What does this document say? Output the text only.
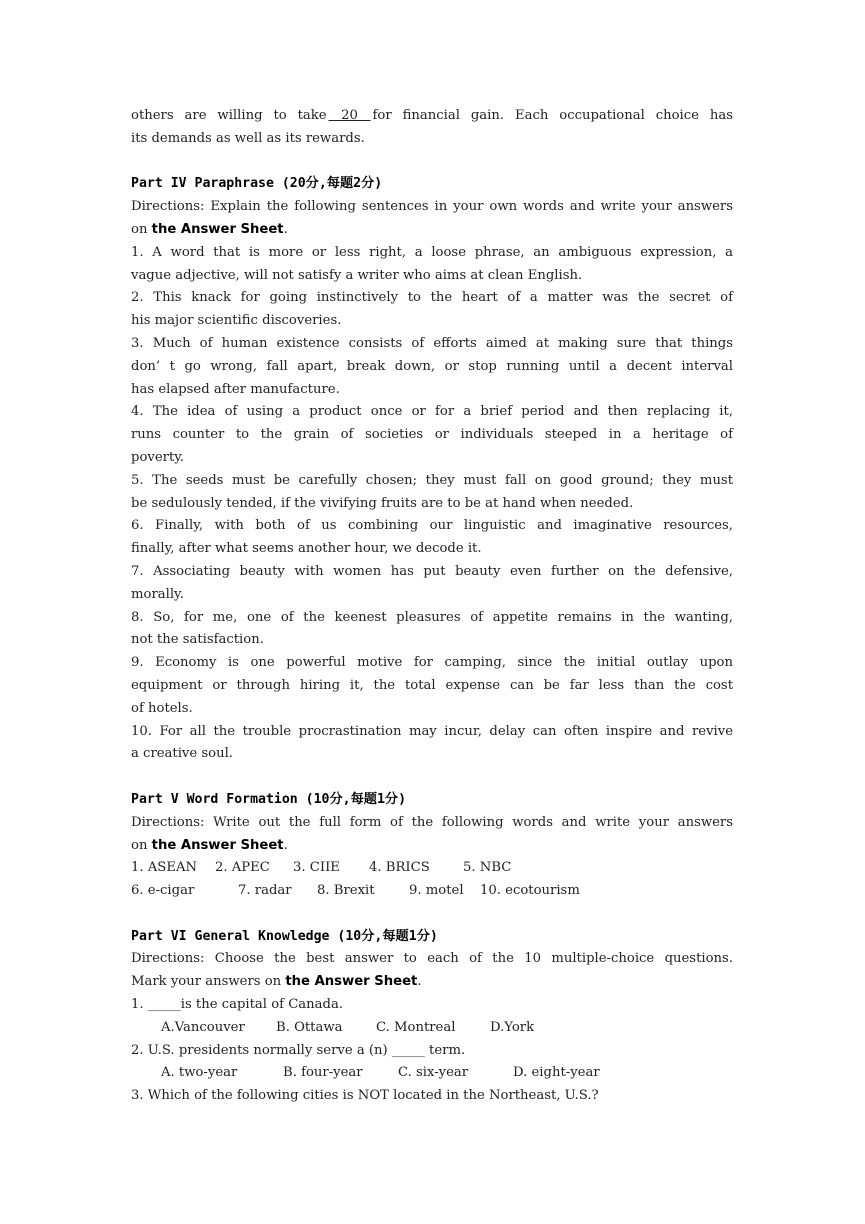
others are willing to take   20   for financial gain. Each occupational choice has
its demands as well as its rewards.
Part IV Paraphrase (20分,每题2分)
Directions: Explain the following sentences in your own words and write your answers
on the Answer Sheet.
1. A word that is more or less right, a loose phrase, an ambiguous expression, a
vague adjective, will not satisfy a writer who aims at clean English.
2. This knack for going instinctively to the heart of a matter was the secret of
his major scientific discoveries.
3. Much of human existence consists of efforts aimed at making sure that things
don’ t go wrong, fall apart, break down, or stop running until a decent interval
has elapsed after manufacture.
4. The idea of using a product once or for a brief period and then replacing it,
runs counter to the grain of societies or individuals steeped in a heritage of
poverty.
5. The seeds must be carefully chosen; they must fall on good ground; they must
be sedulously tended, if the vivifying fruits are to be at hand when needed.
6. Finally, with both of us combining our linguistic and imaginative resources,
finally, after what seems another hour, we decode it.
7. Associating beauty with women has put beauty even further on the defensive,
morally.
8. So, for me, one of the keenest pleasures of appetite remains in the wanting,
not the satisfaction.
9. Economy is one powerful motive for camping, since the initial outlay upon
equipment or through hiring it, the total expense can be far less than the cost
of hotels.
10. For all the trouble procrastination may incur, delay can often inspire and revive
a creative soul.
Part V Word Formation (10分,每题1分)
Directions: Write out the full form of the following words and write your answers
on the Answer Sheet.
1. ASEAN 2. APEC 3. CIIE 4. BRICS	5. NBC
6. e-cigar	7. radar 8. Brexit	9. motel 10. ecotourism
Part VI General Knowledge (10分,每题1分)
Directions: Choose the best answer to each of the 10 multiple-choice questions.
Mark your answers on the Answer Sheet.
1. _____is the capital of Canada.
A.Vancouver B. Ottawa	C. Montreal	D.York
2. U.S. presidents normally serve a (n) _____ term.
A. two-year	B. four-year	C. six-year	D. eight-year
3. Which of the following cities is NOT located in the Northeast, U.S.?
